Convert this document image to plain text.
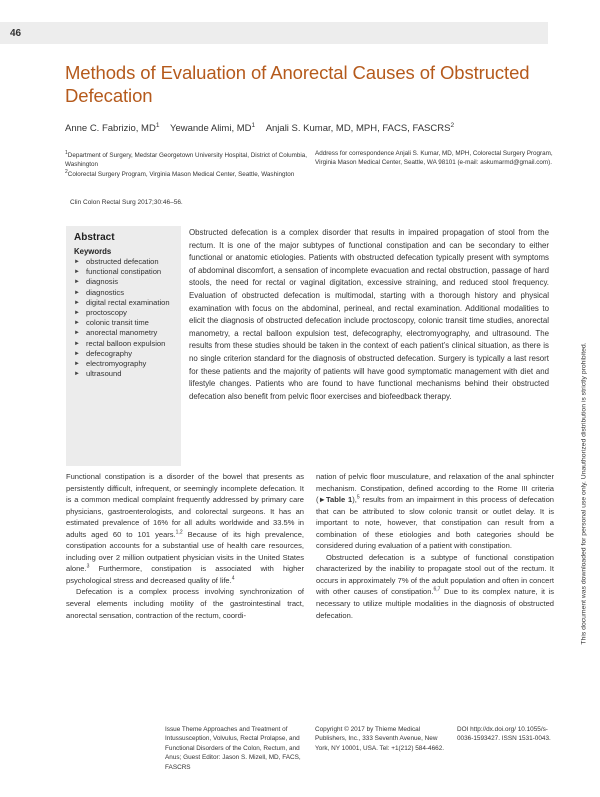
46
Methods of Evaluation of Anorectal Causes of Obstructed Defecation
Anne C. Fabrizio, $MD^1$ Yewande Alimi, $MD^1$ Anjali S. Kumar, MD, MPH, FACS, FASCRS$^2$
$^1$Department of Surgery, Medstar Georgetown University Hospital, District of Columbia, Washington
$^2$Colorectal Surgery Program, Virginia Mason Medical Center, Seattle, Washington
Address for correspondence Anjali S. Kumar, MD, MPH, Colorectal Surgery Program, Virginia Mason Medical Center, Seattle, WA 98101 (e-mail: askumarmd@gmail.com).
Clin Colon Rectal Surg 2017;30:46–56.
Abstract
Keywords
► obstructed defecation
► functional constipation
► diagnosis
► diagnostics
► digital rectal examination
► proctoscopy
► colonic transit time
► anorectal manometry
► rectal balloon expulsion
► defecography
► electromyography
► ultrasound
Obstructed defecation is a complex disorder that results in impaired propagation of stool from the rectum. It is one of the major subtypes of functional constipation and can be secondary to either functional or anatomic etiologies. Patients with obstructed defecation typically present with symptoms of abdominal discomfort, a sensation of incomplete evacuation and rectal obstruction, passage of hard stools, the need for rectal or vaginal digitation, excessive straining, and reduced stool frequency. Evaluation of obstructed defecation is multimodal, starting with a thorough history and physical examination with focus on the abdominal, perineal, and rectal examination. Additional modalities to elicit the diagnosis of obstructed defecation include proctoscopy, colonic transit time studies, anorectal manometry, a rectal balloon expulsion test, defecography, electromyography, and ultrasound. The results from these studies should be taken in the context of each patient’s clinical situation, as there is no single criterion standard for the diagnosis of obstructed defecation. Surgery is typically a last resort for these patients and the majority of patients will have good symptomatic management with diet and lifestyle changes. Patients who are found to have functional mechanisms behind their obstructed defecation also benefit from pelvic floor exercises and biofeedback therapy.	This document was downloaded for personal use only. Unauthorized distribution is strictly prohibited.

Functional constipation is a disorder of the bowel that presents as persistently difficult, infrequent, or seemingly incomplete defecation. It is a common medical complaint frequently addressed by primary care physicians, gastroenterologists, and colorectal surgeons. It has an estimated prevalence of 16% for all adults worldwide and 33.5% in adults aged 60 to 101 years.$^{1,2}$ Because of its high prevalence, constipation accounts for a substantial use of health care resources, including over 2 million outpatient physician visits in the United States alone.$^3$ Furthermore, constipation is associated with higher psychological stress and decreased quality of life.$^4$

Defecation is a complex process involving synchronization of several elements including motility of the gastrointestinal tract, anorectal sensation, contraction of the rectum, coordi-

nation of pelvic floor musculature, and relaxation of the anal sphincter mechanism. Constipation, defined according to the Rome III criteria (►Table 1),$^5$ results from an impairment in this process of defecation that can be attributed to slow colonic transit or outlet delay. It is important to note, however, that constipation can result from a combination of these etiologies and both categories should be considered during evaluation of a patient with constipation.

Obstructed defecation is a subtype of functional constipation characterized by the inability to propagate stool out of the rectum. It occurs in approximately 7% of the adult population and often in concert with other causes of constipation.$^{6,7}$ Due to its complex nature, it is necessary to utilize multiple modalities in the diagnosis of obstructed defecation.

Issue Theme Approaches and Treatment of Intussusception, Volvulus, Rectal Prolapse, and Functional Disorders of the Colon, Rectum, and Anus; Guest Editor: Jason S. Mizell, MD, FACS, FASCRS
Copyright © 2017 by Thieme Medical Publishers, Inc., 333 Seventh Avenue, New York, NY 10001, USA. Tel: +1(212) 584-4662.
DOI http://dx.doi.org/ 10.1055/s-0036-1593427. ISSN 1531-0043.
